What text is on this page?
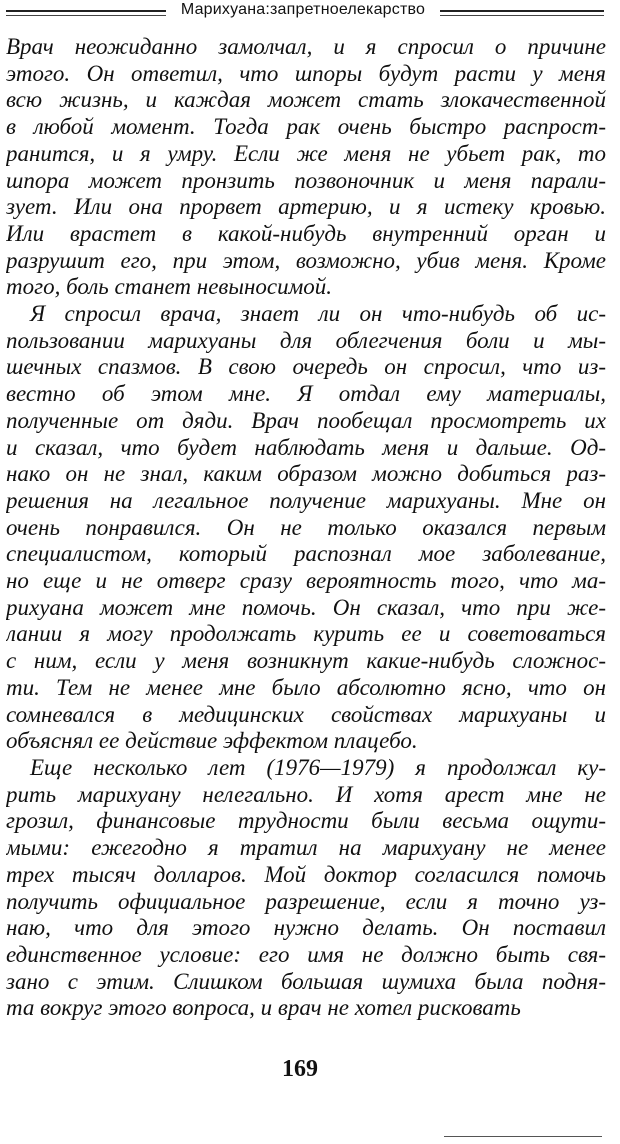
Марихуана:запретноелекарство
Врач неожиданно замолчал, и я спросил о причине
этого. Он ответил, что шпоры будут расти у меня
всю жизнь, и каждая может стать злокачественной
в любой момент. Тогда рак очень быстро распрост-
ранится, и я умру. Если же меня не убьет рак, то
шпора может пронзить позвоночник и меня парали-
зует. Или она прорвет артерию, и я истеку кровью.
Или врастет в какой-нибудь внутренний орган и
разрушит его, при этом, возможно, убив меня. Кроме
того, боль станет невыносимой.
Я спросил врача, знает ли он что-нибудь об ис-
пользовании марихуаны для облегчения боли и мы-
шечных спазмов. В свою очередь он спросил, что из-
вестно об этом мне. Я отдал ему материалы,
полученные от дяди. Врач пообещал просмотреть их
и сказал, что будет наблюдать меня и дальше. Од-
нако он не знал, каким образом можно добиться раз-
решения на легальное получение марихуаны. Мне он
очень понравился. Он не только оказался первым
специалистом, который распознал мое заболевание,
но еще и не отверг сразу вероятность того, что ма-
рихуана может мне помочь. Он сказал, что при же-
лании я могу продолжать курить ее и советоваться
с ним, если у меня возникнут какие-нибудь сложнос-
ти. Тем не менее мне было абсолютно ясно, что он
сомневался в медицинских свойствах марихуаны и
объяснял ее действие эффектом плацебо.
Еще несколько лет (1976—1979) я продолжал ку-
рить марихуану нелегально. И хотя арест мне не
грозил, финансовые трудности были весьма ощути-
мыми: ежегодно я тратил на марихуану не менее
трех тысяч долларов. Мой доктор согласился помочь
получить официальное разрешение, если я точно уз-
наю, что для этого нужно делать. Он поставил
единственное условие: его имя не должно быть свя-
зано с этим. Слишком большая шумиха была подня-
та вокруг этого вопроса, и врач не хотел рисковать
169
